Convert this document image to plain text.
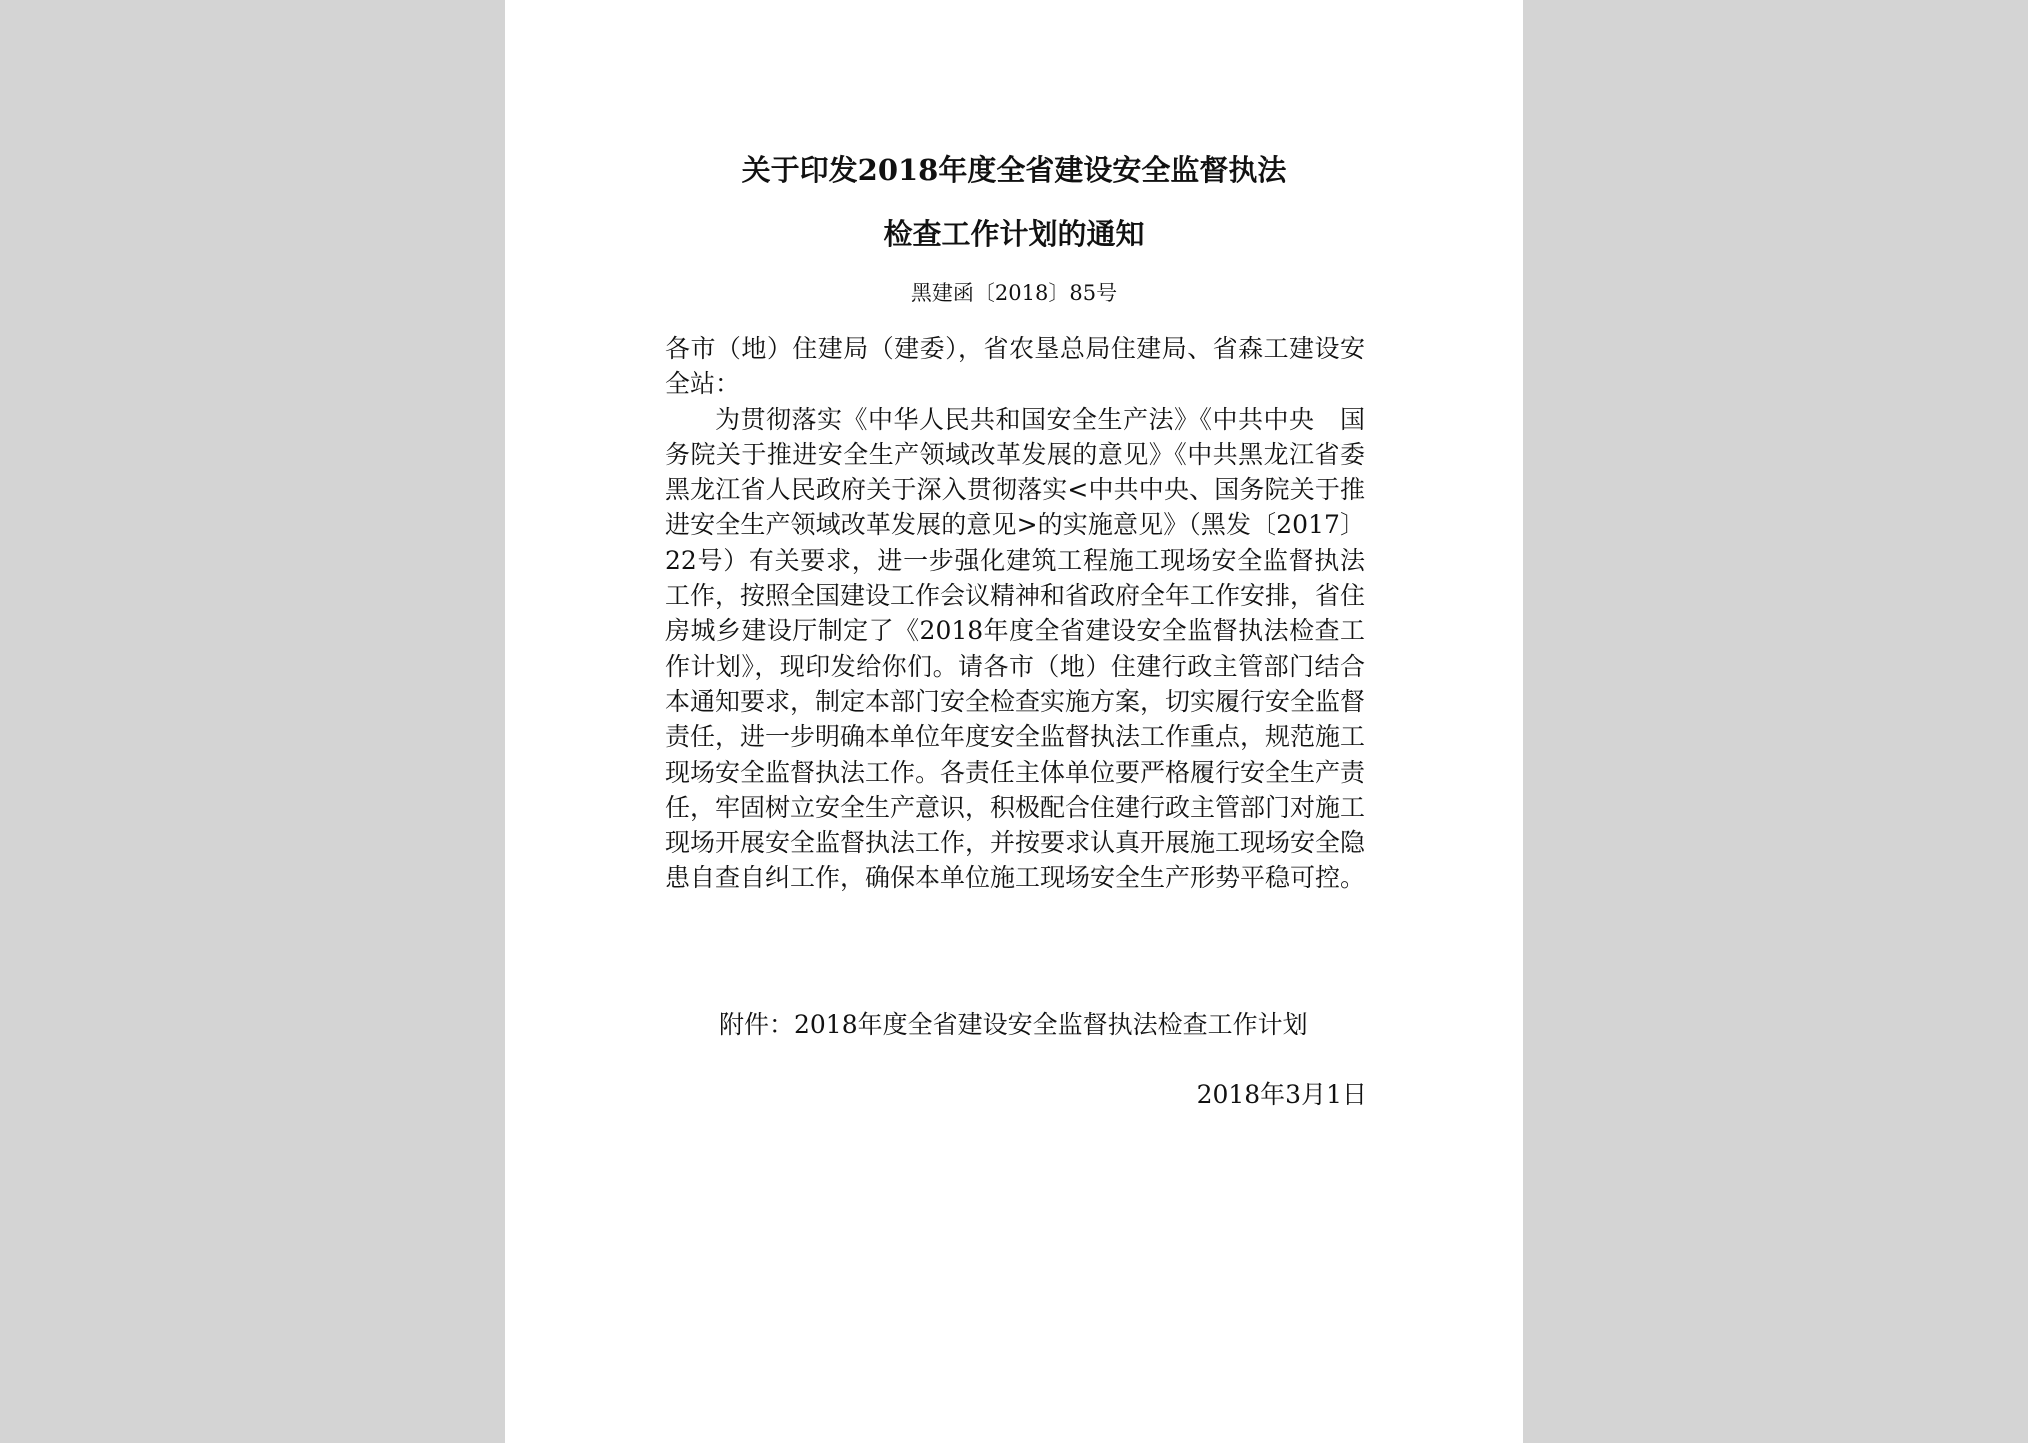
关于印发2018年度全省建设安全监督执法
检查工作计划的通知
黑建函〔2018〕85号

各市（地）住建局（建委），省农垦总局住建局、省森工建设安全站：

为贯彻落实《中华人民共和国安全生产法》《中共中央　国务院关于推进安全生产领域改革发展的意见》《中共黑龙江省委黑龙江省人民政府关于深入贯彻落实<中共中央、国务院关于推进安全生产领域改革发展的意见>的实施意见》（黑发〔2017〕22号）有关要求，进一步强化建筑工程施工现场安全监督执法工作，按照全国建设工作会议精神和省政府全年工作安排，省住房城乡建设厅制定了《2018年度全省建设安全监督执法检查工作计划》，现印发给你们。请各市（地）住建行政主管部门结合本通知要求，制定本部门安全检查实施方案，切实履行安全监督责任，进一步明确本单位年度安全监督执法工作重点，规范施工现场安全监督执法工作。各责任主体单位要严格履行安全生产责任，牢固树立安全生产意识，积极配合住建行政主管部门对施工现场开展安全监督执法工作，并按要求认真开展施工现场安全隐患自查自纠工作，确保本单位施工现场安全生产形势平稳可控。

附件：2018年度全省建设安全监督执法检查工作计划
2018年3月1日
